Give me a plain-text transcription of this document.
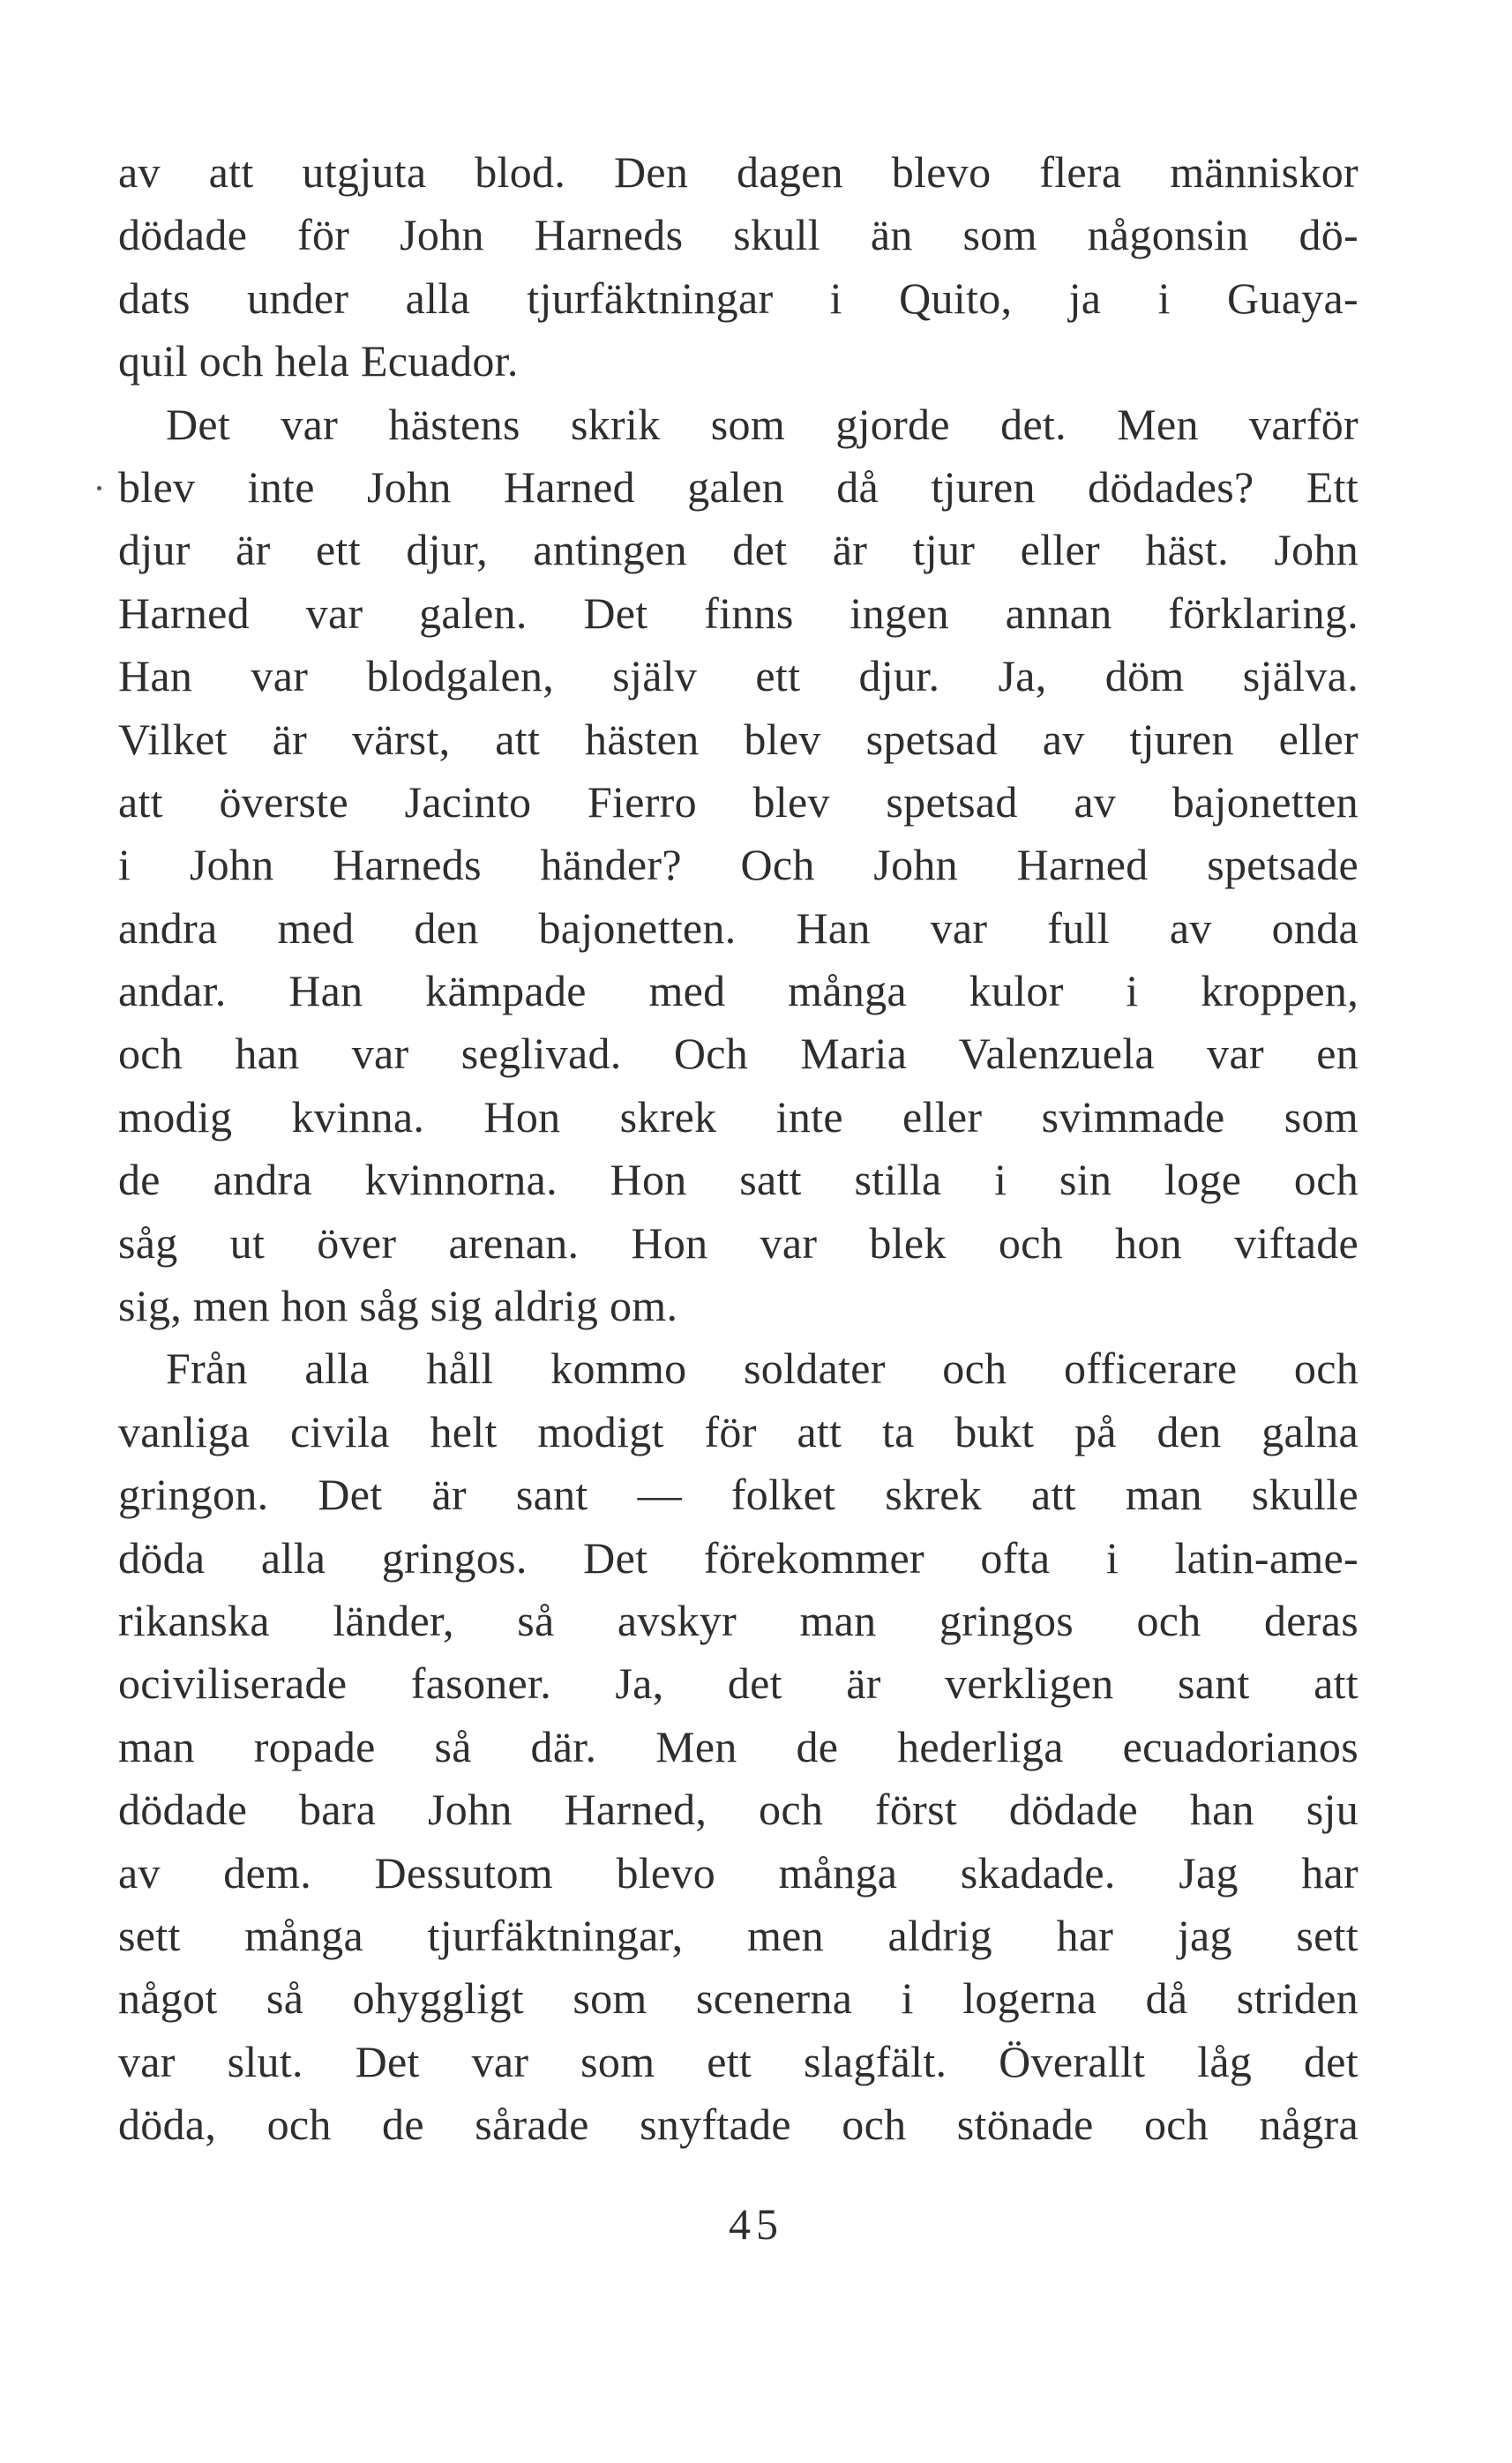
av att utgjuta blod. Den dagen blevo flera människor
dödade för John Harneds skull än som någonsin dö-
dats under alla tjurfäktningar i Quito, ja i Guaya-
quil och hela Ecuador.
Det var hästens skrik som gjorde det. Men varför
blev inte John Harned galen då tjuren dödades? Ett
djur är ett djur, antingen det är tjur eller häst. John
Harned var galen. Det finns ingen annan förklaring.
Han var blodgalen, själv ett djur. Ja, döm själva.
Vilket är värst, att hästen blev spetsad av tjuren eller
att överste Jacinto Fierro blev spetsad av bajonetten
i John Harneds händer? Och John Harned spetsade
andra med den bajonetten. Han var full av onda
andar. Han kämpade med många kulor i kroppen,
och han var seglivad. Och Maria Valenzuela var en
modig kvinna. Hon skrek inte eller svimmade som
de andra kvinnorna. Hon satt stilla i sin loge och
såg ut över arenan. Hon var blek och hon viftade
sig, men hon såg sig aldrig om.
Från alla håll kommo soldater och officerare och
vanliga civila helt modigt för att ta bukt på den galna
gringon. Det är sant — folket skrek att man skulle
döda alla gringos. Det förekommer ofta i latin-ame-
rikanska länder, så avskyr man gringos och deras
ociviliserade fasoner. Ja, det är verkligen sant att
man ropade så där. Men de hederliga ecuadorianos
dödade bara John Harned, och först dödade han sju
av dem. Dessutom blevo många skadade. Jag har
sett många tjurfäktningar, men aldrig har jag sett
något så ohyggligt som scenerna i logerna då striden
var slut. Det var som ett slagfält. Överallt låg det
döda, och de sårade snyftade och stönade och några
45
